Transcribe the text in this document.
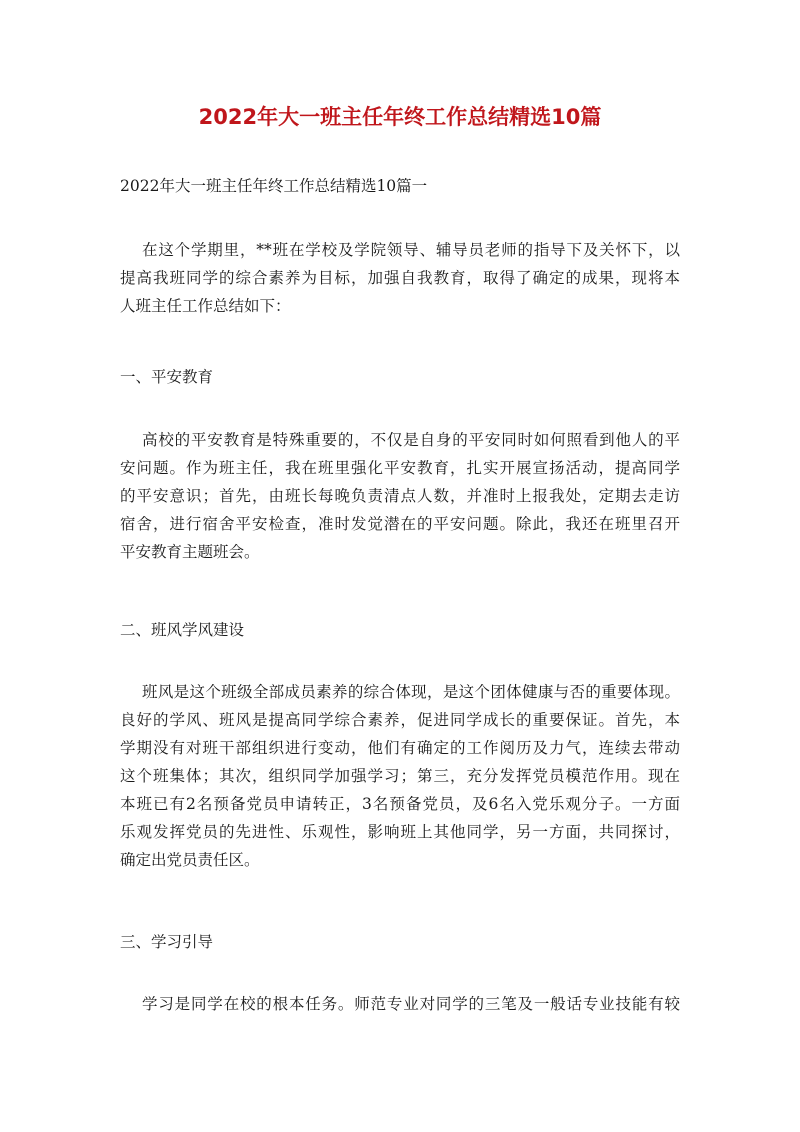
2022年大一班主任年终工作总结精选10篇

2022年大一班主任年终工作总结精选10篇一

在这个学期里，**班在学校及学院领导、辅导员老师的指导下及关怀下，以
提高我班同学的综合素养为目标，加强自我教育，取得了确定的成果，现将本
人班主任工作总结如下：

一、平安教育

高校的平安教育是特殊重要的，不仅是自身的平安同时如何照看到他人的平
安问题。作为班主任，我在班里强化平安教育，扎实开展宣扬活动，提高同学
的平安意识；首先，由班长每晚负责清点人数，并准时上报我处，定期去走访
宿舍，进行宿舍平安检查，准时发觉潜在的平安问题。除此，我还在班里召开
平安教育主题班会。

二、班风学风建设

班风是这个班级全部成员素养的综合体现，是这个团体健康与否的重要体现。
良好的学风、班风是提高同学综合素养，促进同学成长的重要保证。首先，本
学期没有对班干部组织进行变动，他们有确定的工作阅历及力气，连续去带动
这个班集体；其次，组织同学加强学习；第三，充分发挥党员模范作用。现在
本班已有2名预备党员申请转正，3名预备党员，及6名入党乐观分子。一方面
乐观发挥党员的先进性、乐观性，影响班上其他同学，另一方面，共同探讨，
确定出党员责任区。

三、学习引导

学习是同学在校的根本任务。师范专业对同学的三笔及一般话专业技能有较
